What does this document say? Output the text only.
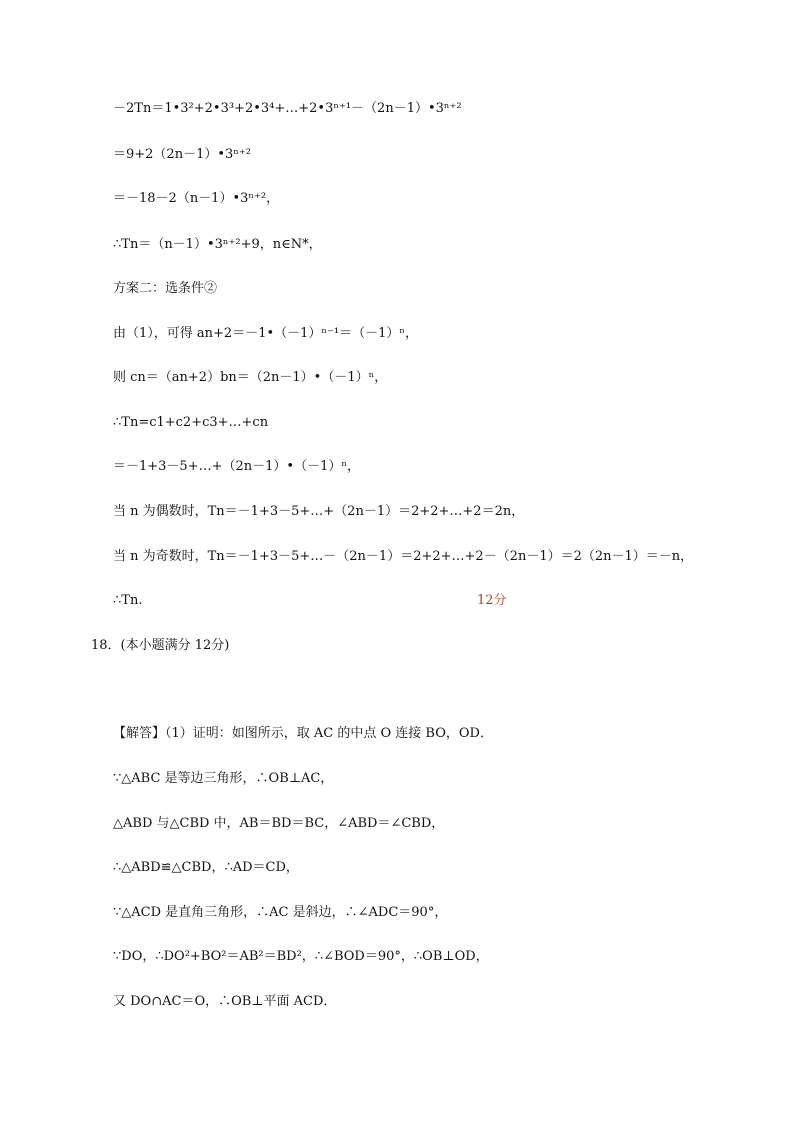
－2Tn＝1•3²+2•3³+2•3⁴+…+2•3ⁿ⁺¹－（2n－1）•3ⁿ⁺²
＝9+2（2n－1）•3ⁿ⁺²
＝－18－2（n－1）•3ⁿ⁺²，
∴Tn＝（n－1）•3ⁿ⁺²+9，n∈N*，
方案二：选条件②
由（1），可得 an+2＝－1•（－1）ⁿ⁻¹＝（－1）ⁿ，
则 cn＝（an+2）bn＝（2n－1）•（－1）ⁿ，
∴Tn=c1+c2+c3+…+cn
＝－1+3－5+…+（2n－1）•（－1）ⁿ，
当 n 为偶数时，Tn＝－1+3－5+…+（2n－1）＝2+2+…+2＝2n，
当 n 为奇数时，Tn＝－1+3－5+…－（2n－1）＝2+2+…+2－（2n－1）＝2（2n－1）＝－n，
∴Tn.	12分
18．(本小题满分 12分)
【解答】（1）证明：如图所示，取 AC 的中点 O 连接 BO，OD．
∵△ABC 是等边三角形，∴OB⊥AC，
△ABD 与△CBD 中，AB＝BD＝BC，∠ABD＝∠CBD，
∴△ABD≌△CBD，∴AD＝CD，
∵△ACD 是直角三角形，∴AC 是斜边，∴∠ADC＝90°，
∵DO，∴DO²+BO²＝AB²＝BD²，∴∠BOD＝90°，∴OB⊥OD，
又 DO∩AC＝O，∴OB⊥平面 ACD．
